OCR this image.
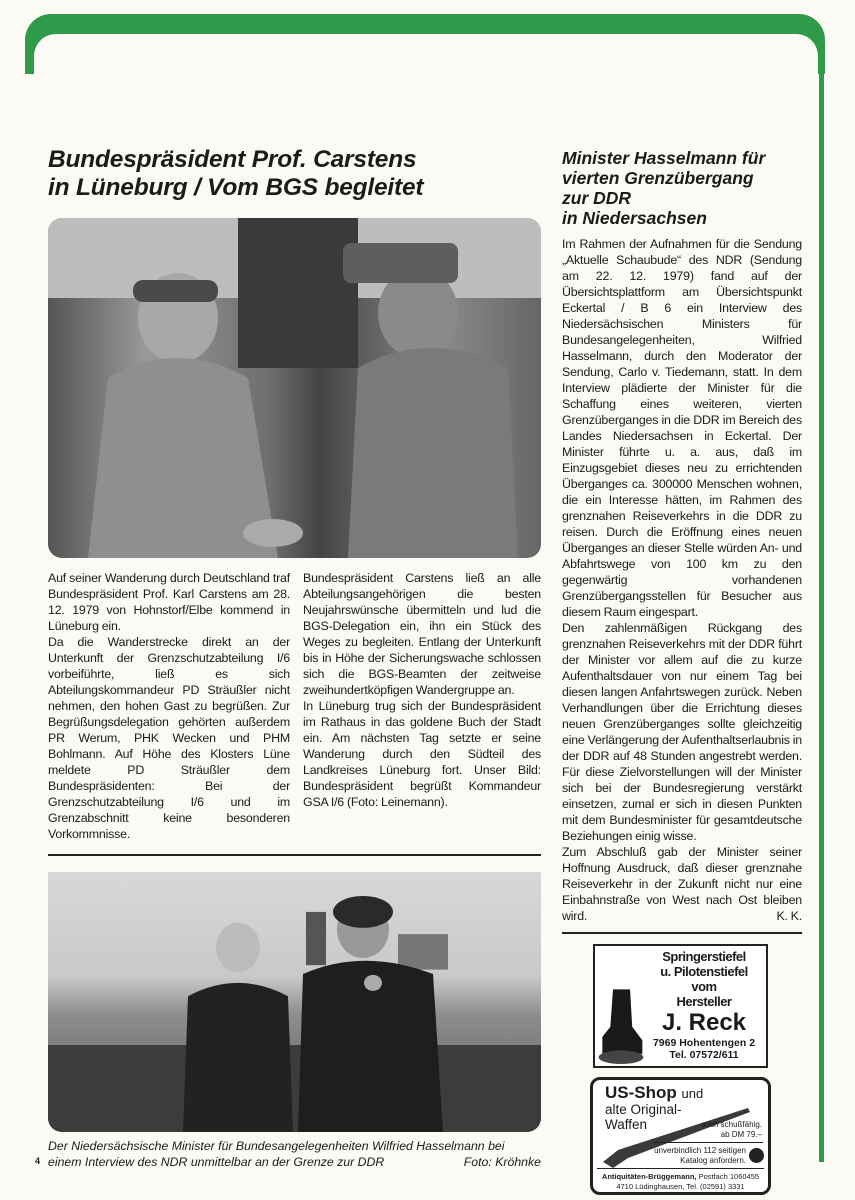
Bundespräsident Prof. Carstens
in Lüneburg / Vom BGS begleitet

Auf seiner Wanderung durch Deutschland traf Bundespräsident Prof. Karl Carstens am 28. 12. 1979 von Hohnstorf/Elbe kommend in Lüneburg ein.

Da die Wanderstrecke direkt an der Unterkunft der Grenzschutzabteilung I/6 vorbeiführte, ließ es sich Abteilungskommandeur PD Sträußler nicht nehmen, den hohen Gast zu begrüßen. Zur Begrüßungsdelegation gehörten außerdem PR Werum, PHK Wecken und PHM Bohlmann. Auf Höhe des Klosters Lüne meldete PD Sträußler dem Bundespräsidenten: Bei der Grenzschutzabteilung I/6 und im Grenzabschnitt keine besonderen Vorkommnisse.

Bundespräsident Carstens ließ an alle Abteilungsangehörigen die besten Neujahrswünsche übermitteln und lud die BGS-Delegation ein, ihn ein Stück des Weges zu begleiten. Entlang der Unterkunft bis in Höhe der Sicherungswache schlossen sich die BGS-Beamten der zeitweise zweihundertköpfigen Wandergruppe an.

In Lüneburg trug sich der Bundespräsident im Rathaus in das goldene Buch der Stadt ein. Am nächsten Tag setzte er seine Wanderung durch den Südteil des Landkreises Lüneburg fort. Unser Bild: Bundespräsident begrüßt Kommandeur GSA I/6 (Foto: Leinemann).

Der Niedersächsische Minister für Bundesangelegenheiten Wilfried Hasselmann bei einem Interview des NDR unmittelbar an der Grenze zur DDR	Foto: Kröhnke
4
Minister Hasselmann für
vierten Grenzübergang
zur DDR
in Niedersachsen

Im Rahmen der Aufnahmen für die Sendung „Aktuelle Schaubude“ des NDR (Sendung am 22. 12. 1979) fand auf der Übersichtsplattform am Übersichtspunkt Eckertal / B 6 ein Interview des Niedersächsischen Ministers für Bundesangelegenheiten, Wilfried Hasselmann, durch den Moderator der Sendung, Carlo v. Tiedemann, statt. In dem Interview plädierte der Minister für die Schaffung eines weiteren, vierten Grenzüberganges in die DDR im Bereich des Landes Niedersachsen in Eckertal. Der Minister führte u. a. aus, daß im Einzugsgebiet dieses neu zu errichtenden Überganges ca. 300000 Menschen wohnen, die ein Interesse hätten, im Rahmen des grenznahen Reiseverkehrs in die DDR zu reisen. Durch die Eröffnung eines neuen Überganges an dieser Stelle würden An- und Abfahrtswege von 100 km zu den gegenwärtig vorhandenen Grenzübergangsstellen für Besucher aus diesem Raum eingespart.

Den zahlenmäßigen Rückgang des grenznahen Reiseverkehrs mit der DDR führt der Minister vor allem auf die zu kurze Aufenthaltsdauer von nur einem Tag bei diesen langen Anfahrtswegen zurück. Neben Verhandlungen über die Errichtung dieses neuen Grenzüberganges sollte gleichzeitig eine Verlängerung der Aufenthaltserlaubnis in der DDR auf 48 Stunden angestrebt werden. Für diese Zielvorstellungen will der Minister sich bei der Bundesregierung verstärkt einsetzen, zumal er sich in diesen Punkten mit dem Bundesminister für gesamtdeutsche Beziehungen einig wisse.

Zum Abschluß gab der Minister seiner Hoffnung Ausdruck, daß dieser grenznahe Reiseverkehr in der Zukunft nicht nur eine Einbahnstraße von West nach Ost bleiben wird.	K. K.

Springerstiefel
u. Pilotenstiefel
vom
Hersteller
J. Reck
7969 Hohentengen 2
Tel. 07572/611
US-Shop und
alte Original-
Waffen	auch schußfähig.
ab DM 79.–
unverbindlich 112 seitigen
Katalog anfordern.
Antiquitäten-Brüggemann, Postfach 1060455
4710 Lüdinghausen, Tel. (02591) 3331
